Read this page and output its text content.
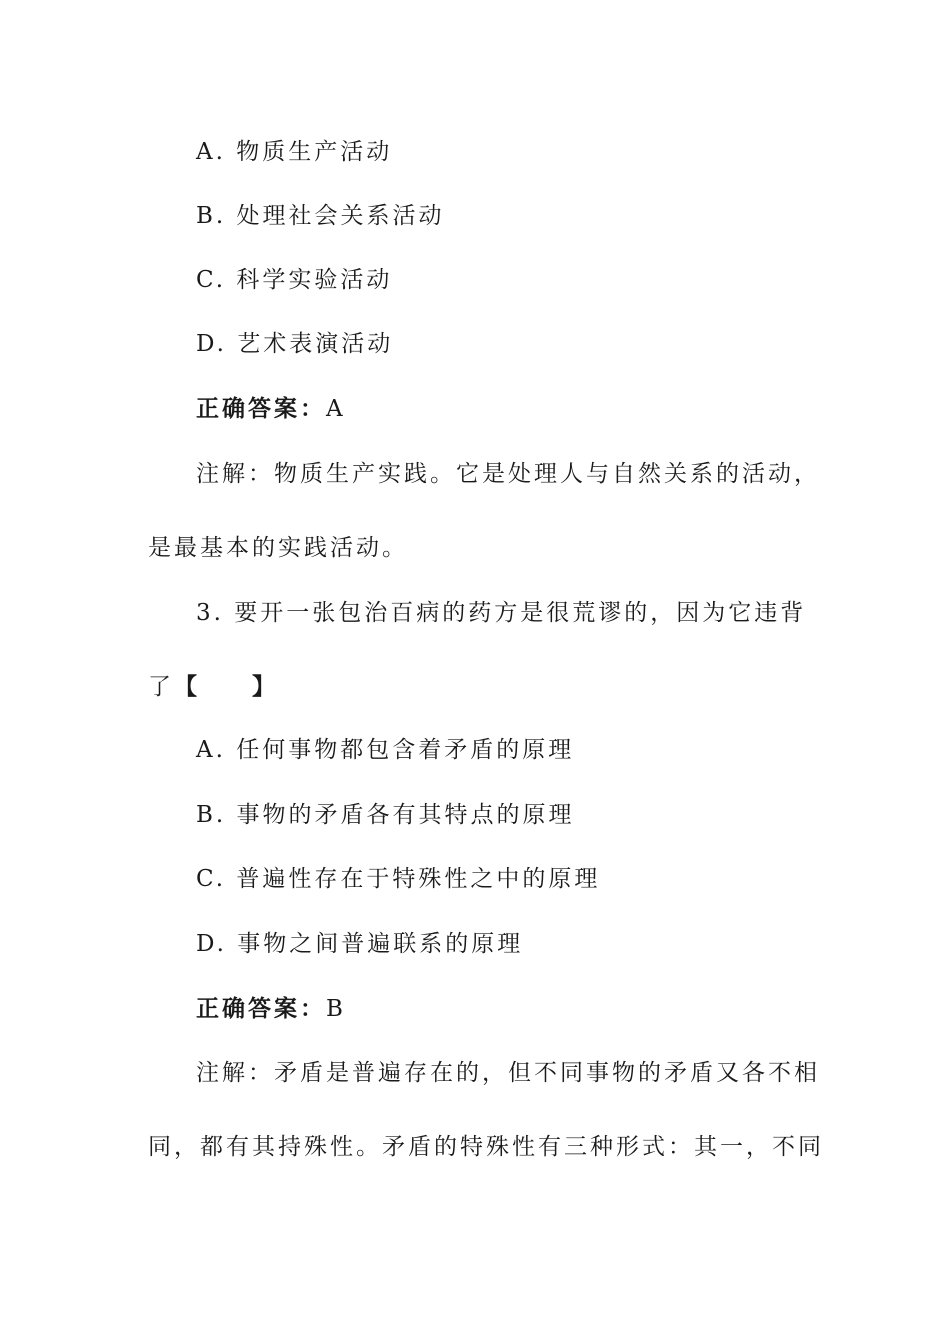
A. 物质生产活动
B. 处理社会关系活动
C. 科学实验活动
D. 艺术表演活动
正确答案：A
注解：物质生产实践。它是处理人与自然关系的活动，
是最基本的实践活动。
3. 要开一张包治百病的药方是很荒谬的，因为它违背
了【　　】
A. 任何事物都包含着矛盾的原理
B. 事物的矛盾各有其特点的原理
C. 普遍性存在于特殊性之中的原理
D. 事物之间普遍联系的原理
正确答案：B
注解：矛盾是普遍存在的，但不同事物的矛盾又各不相
同，都有其持殊性。矛盾的特殊性有三种形式：其一，不同
